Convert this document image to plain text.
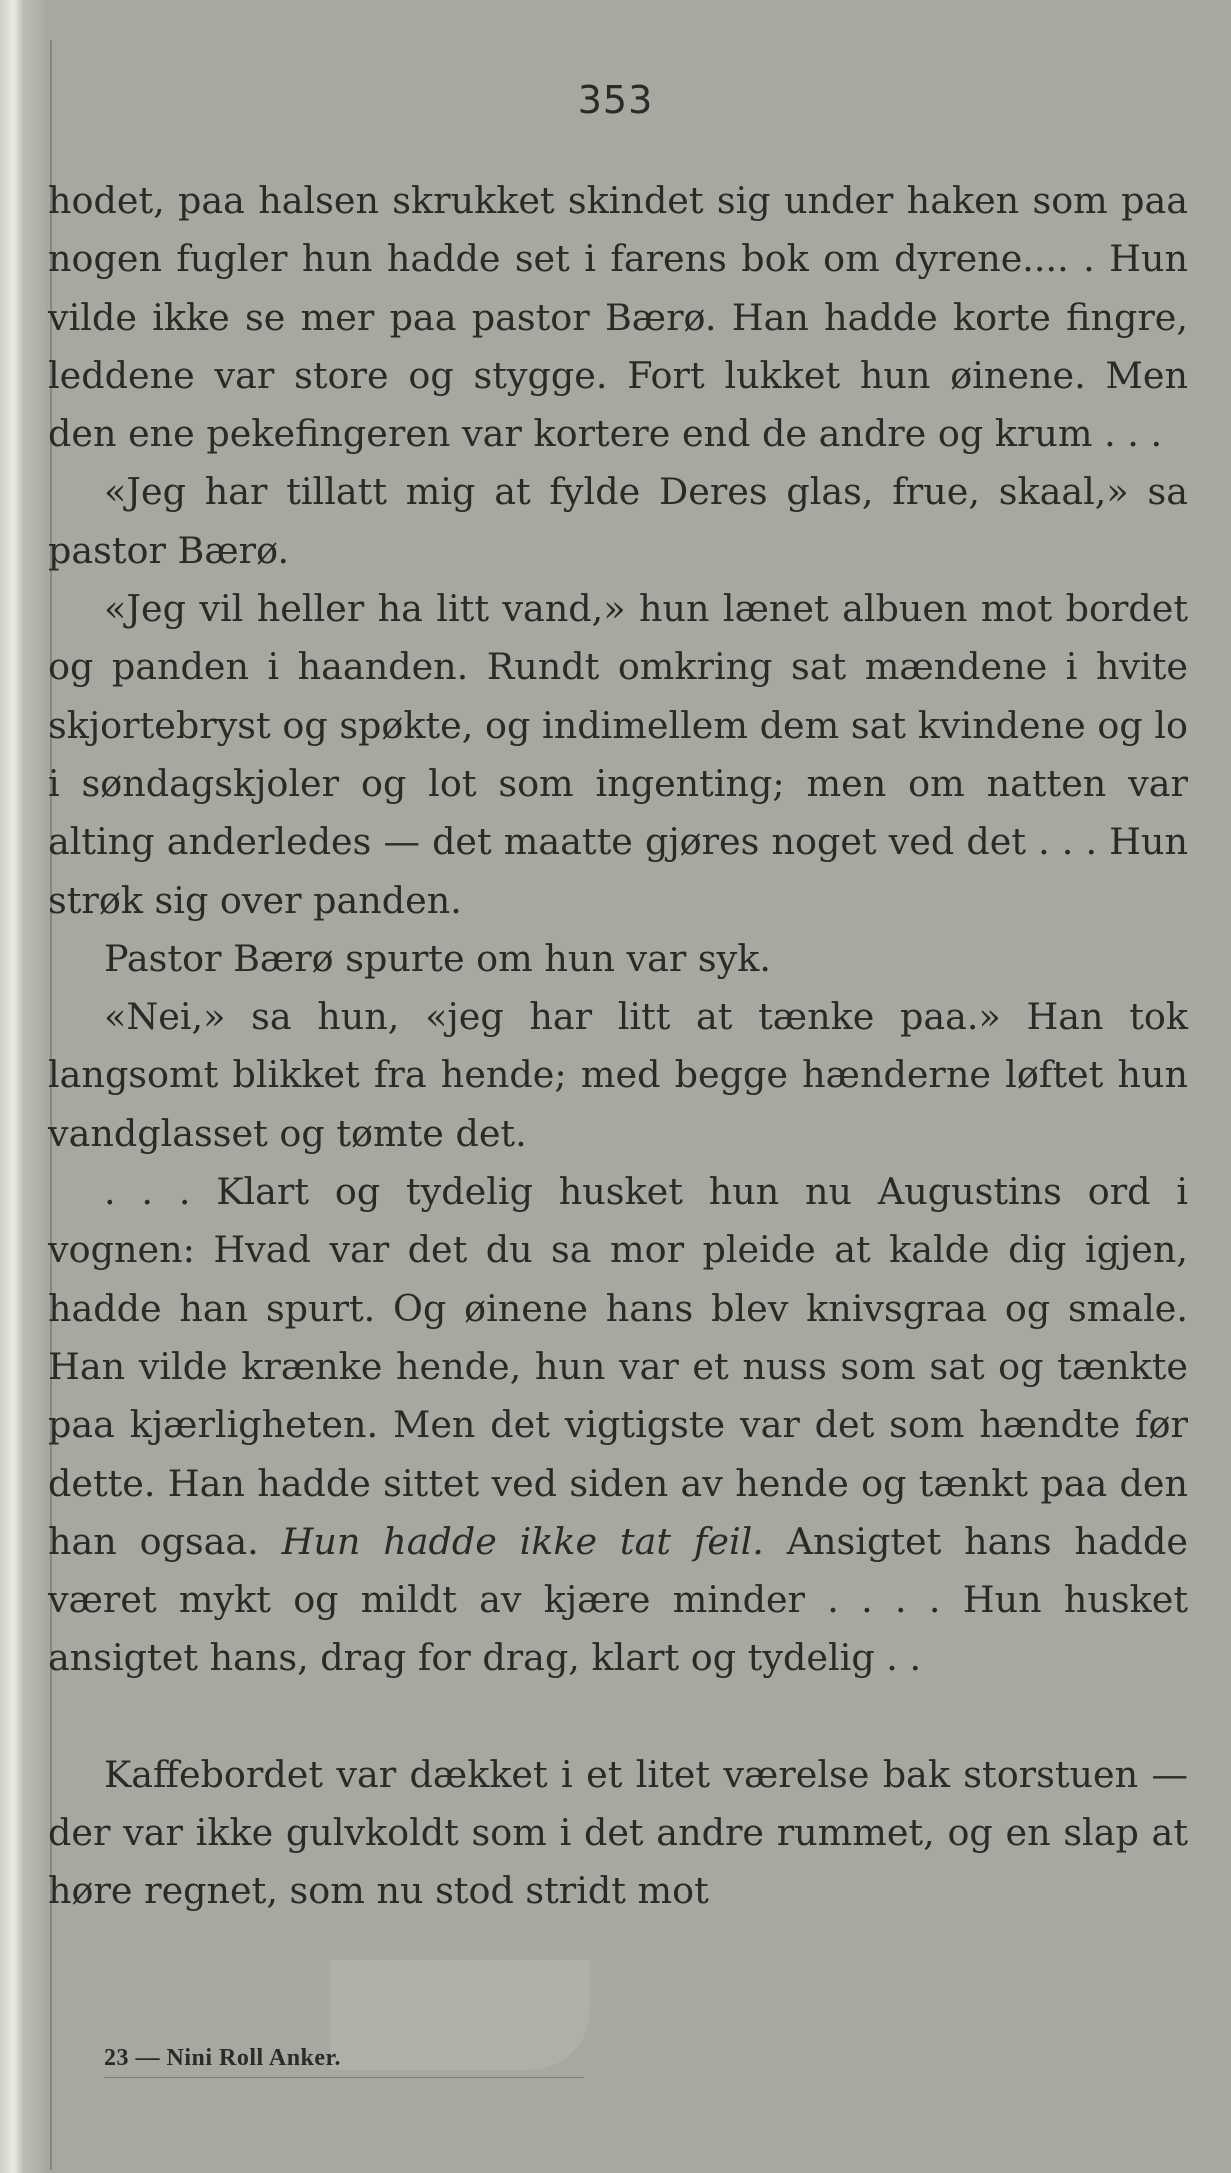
353

hodet, paa halsen skrukket skindet sig under haken som paa nogen fugler hun hadde set i farens bok om dyrene.... . Hun vilde ikke se mer paa pastor Bærø. Han hadde korte fingre, leddene var store og stygge. Fort lukket hun øinene. Men den ene pekefingeren var kortere end de andre og krum . . .

«Jeg har tillatt mig at fylde Deres glas, frue, skaal,» sa pastor Bærø.

«Jeg vil heller ha litt vand,» hun lænet albuen mot bordet og panden i haanden. Rundt omkring sat mændene i hvite skjortebryst og spøkte, og indimellem dem sat kvindene og lo i søndagskjoler og lot som ingenting; men om natten var alting anderledes — det maatte gjøres noget ved det . . . Hun strøk sig over panden.

Pastor Bærø spurte om hun var syk.

«Nei,» sa hun, «jeg har litt at tænke paa.» Han tok langsomt blikket fra hende; med begge hænderne løftet hun vandglasset og tømte det.

. . . Klart og tydelig husket hun nu Augustins ord i vognen: Hvad var det du sa mor pleide at kalde dig igjen, hadde han spurt. Og øinene hans blev knivsgraa og smale. Han vilde krænke hende, hun var et nuss som sat og tænkte paa kjærligheten. Men det vigtigste var det som hændte før dette. Han hadde sittet ved siden av hende og tænkt paa den han ogsaa. Hun hadde ikke tat feil. Ansigtet hans hadde været mykt og mildt av kjære minder . . . . Hun husket ansigtet hans, drag for drag, klart og tydelig . .

Kaffebordet var dækket i et litet værelse bak storstuen — der var ikke gulvkoldt som i det andre rummet, og en slap at høre regnet, som nu stod stridt mot

23 — Nini Roll Anker.
